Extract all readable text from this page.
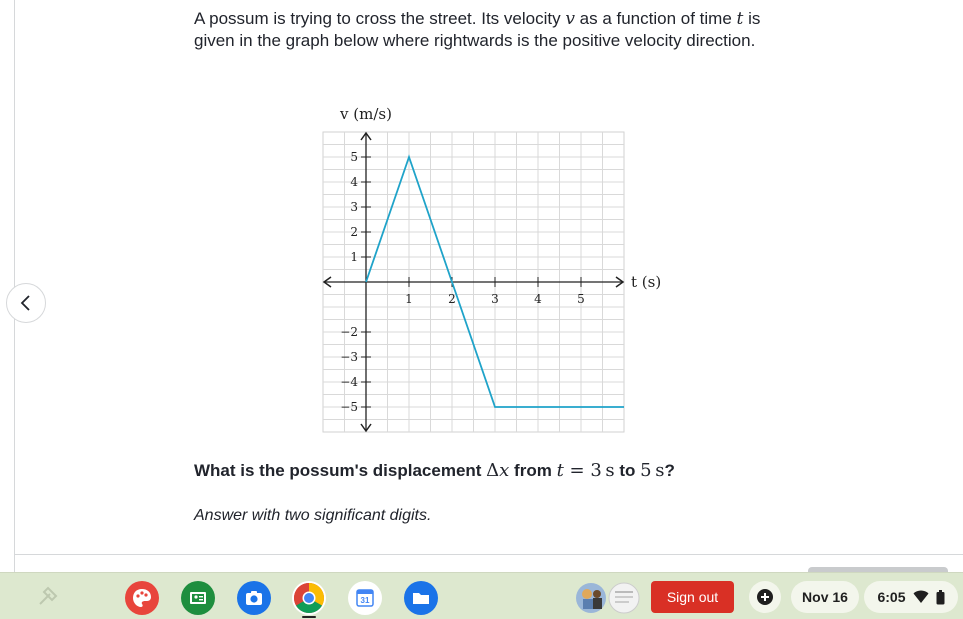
A possum is trying to cross the street. Its velocity v as a function of time t is given in the graph below where rightwards is the positive velocity direction.
1	2	3	4	5
−5
−4
−3
−2
1
2
3
4
5
v (m/s)
t (s)
What is the possum's displacement Δx from t = 3  s to 5  s?
Answer with two significant digits.
31	Sign out	Nov 16	6:05
